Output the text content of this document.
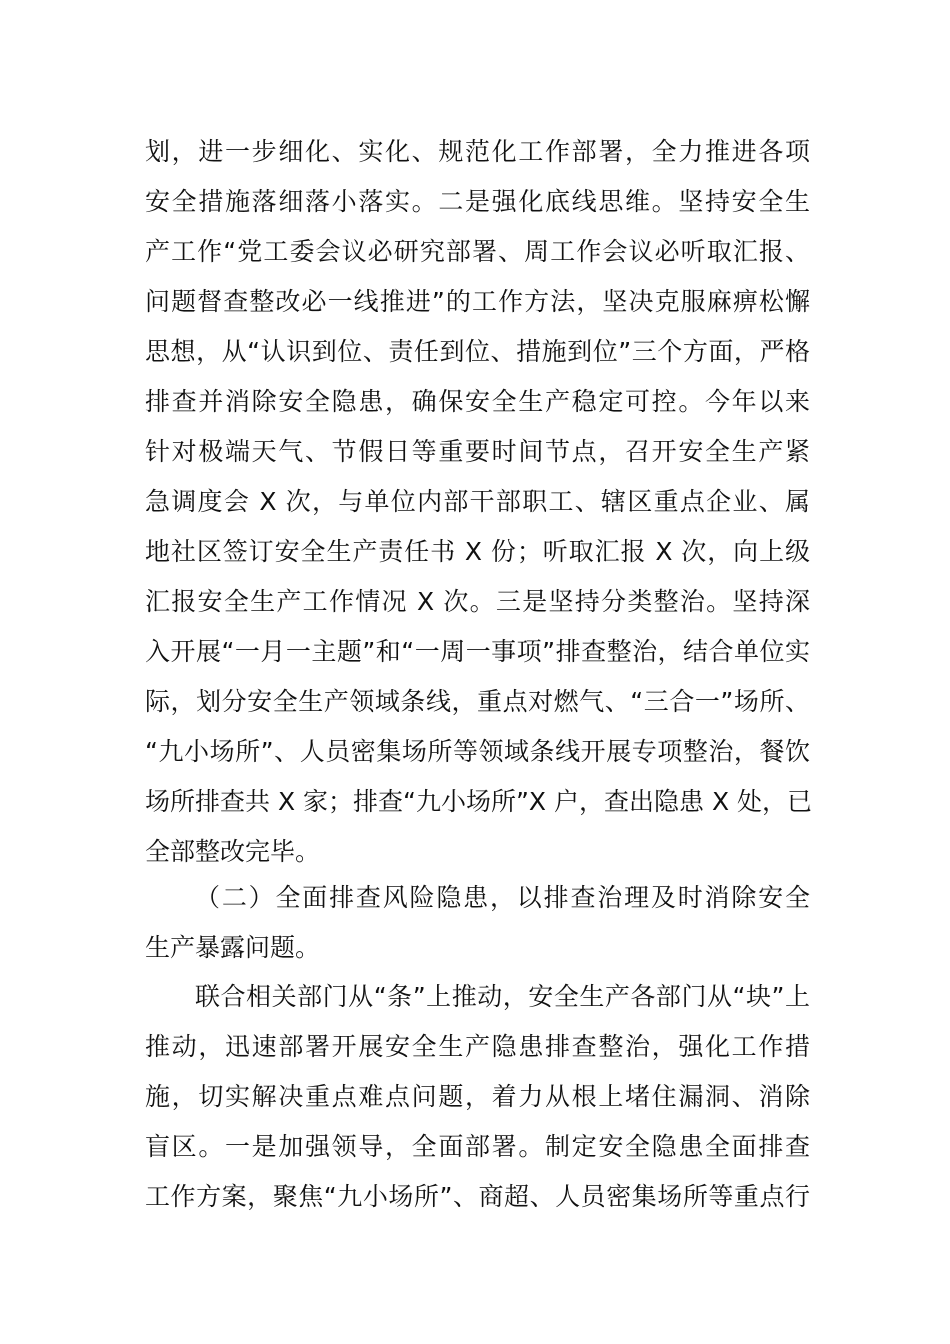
划，进一步细化、实化、规范化工作部署，全力推进各项
安全措施落细落小落实。二是强化底线思维。坚持安全生
产工作“党工委会议必研究部署、周工作会议必听取汇报、
问题督查整改必一线推进”的工作方法，坚决克服麻痹松懈
思想，从“认识到位、责任到位、措施到位”三个方面，严格
排查并消除安全隐患，确保安全生产稳定可控。今年以来
针对极端天气、节假日等重要时间节点，召开安全生产紧
急调度会 X 次，与单位内部干部职工、辖区重点企业、属
地社区签订安全生产责任书 X 份；听取汇报 X 次，向上级
汇报安全生产工作情况 X 次。三是坚持分类整治。坚持深
入开展“一月一主题”和“一周一事项”排查整治，结合单位实
际，划分安全生产领域条线，重点对燃气、“三合一”场所、
“九小场所”、人员密集场所等领域条线开展专项整治，餐饮
场所排查共 X 家；排查“九小场所”X 户，查出隐患 X 处，已
全部整改完毕。
（二）全面排查风险隐患，以排查治理及时消除安全
生产暴露问题。
联合相关部门从“条”上推动，安全生产各部门从“块”上
推动，迅速部署开展安全生产隐患排查整治，强化工作措
施，切实解决重点难点问题，着力从根上堵住漏洞、消除
盲区。一是加强领导，全面部署。制定安全隐患全面排查
工作方案，聚焦“九小场所”、商超、人员密集场所等重点行
